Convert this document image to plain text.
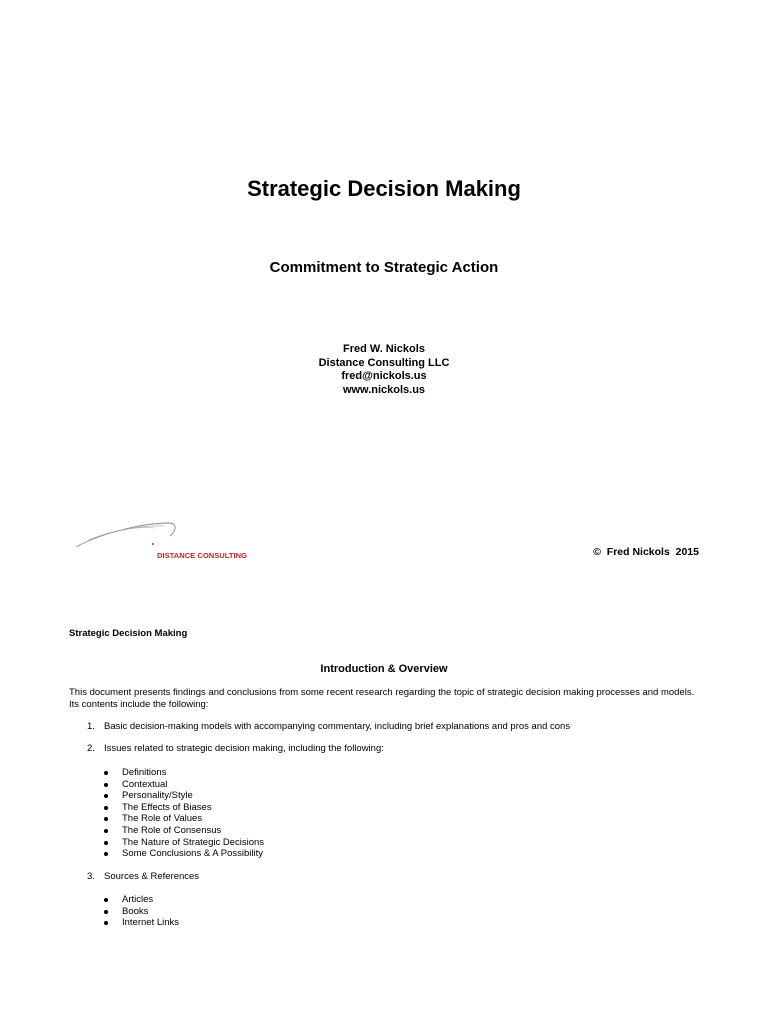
Strategic Decision Making
Commitment to Strategic Action
Fred W. Nickols
Distance Consulting LLC
fred@nickols.us
www.nickols.us
DISTANCE CONSULTING	©  Fred Nickols  2015
Strategic Decision Making
Introduction & Overview
This document presents findings and conclusions from some recent research regarding the topic of strategic decision making processes and models. Its contents include the following:
1. Basic decision-making models with accompanying commentary, including brief explanations and pros and cons
2. Issues related to strategic decision making, including the following:
Definitions
Contextual
Personality/Style
The Effects of Biases
The Role of Values
The Role of Consensus
The Nature of Strategic Decisions
Some Conclusions & A Possibility
3. Sources & References
Articles
Books
Internet Links
